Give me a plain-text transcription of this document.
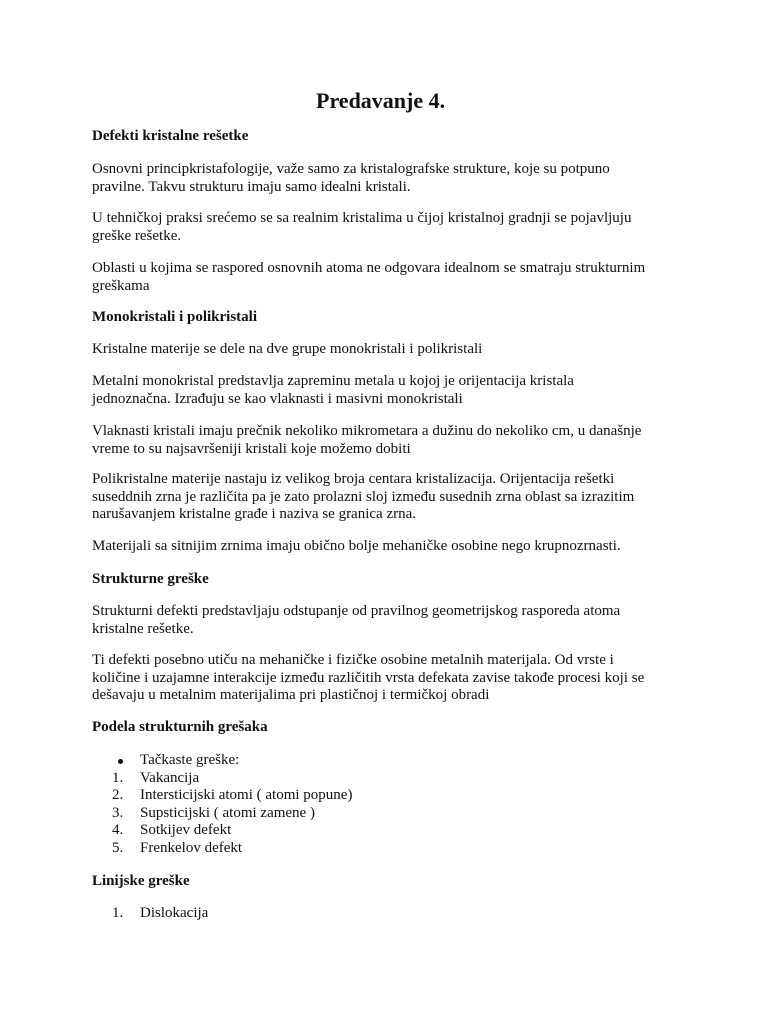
Predavanje 4.
Defekti kristalne rešetke
Osnovni principkristafologije, važe samo za kristalografske strukture, koje su potpuno
pravilne. Takvu strukturu imaju samo idealni kristali.
U tehničkoj praksi srećemo se sa realnim kristalima u čijoj kristalnoj gradnji se pojavljuju
greške rešetke.
Oblasti u kojima se raspored osnovnih atoma ne odgovara idealnom se smatraju strukturnim
greškama
Monokristali i polikristali
Kristalne materije se dele na dve grupe monokristali i polikristali
Metalni monokristal predstavlja zapreminu metala u kojoj je orijentacija kristala
jednoznačna. Izrađuju se kao vlaknasti i masivni monokristali
Vlaknasti kristali imaju prečnik nekoliko mikrometara a dužinu do nekoliko cm, u današnje
vreme to su najsavršeniji kristali koje možemo dobiti
Polikristalne materije nastaju iz velikog broja centara kristalizacija. Orijentacija rešetki
suseddnih zrna je različita pa je zato prolazni sloj između susednih zrna oblast sa izrazitim
narušavanjem kristalne građe i naziva se granica zrna.
Materijali sa sitnijim zrnima imaju obično bolje mehaničke osobine nego krupnozrnasti.
Strukturne greške
Strukturni defekti predstavljaju odstupanje od pravilnog geometrijskog rasporeda atoma
kristalne rešetke.
Ti defekti posebno utiču na mehaničke i fizičke osobine metalnih materijala. Od vrste i
količine i uzajamne interakcije između različitih vrsta defekata zavise takođe procesi koji se
dešavaju u metalnim materijalima pri plastičnoj i termičkoj obradi
Podela strukturnih grešaka
Tačkaste greške:
1.	Vakancija
2.	Intersticijski atomi ( atomi popune)
3.	Supsticijski ( atomi zamene )
4.	Sotkijev defekt
5.	Frenkelov defekt
Linijske greške
1.	Dislokacija
